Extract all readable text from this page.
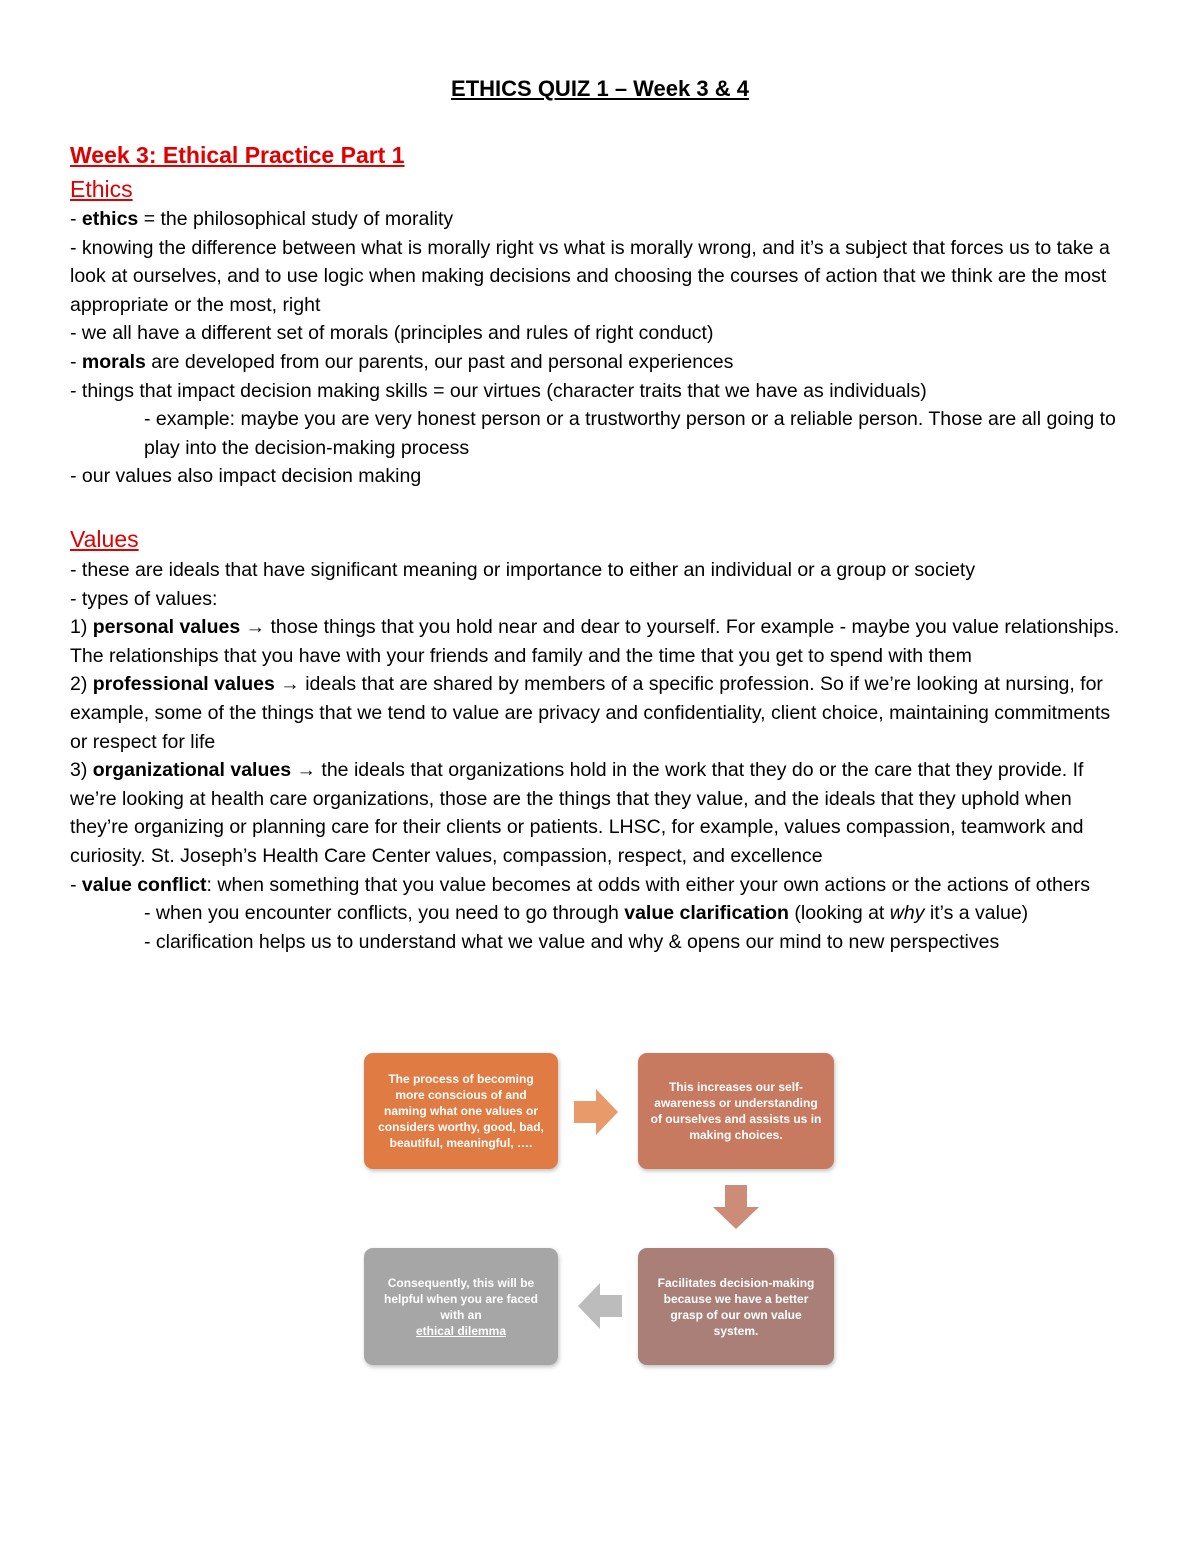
ETHICS QUIZ 1 – Week 3 & 4
Week 3: Ethical Practice Part 1
Ethics

- ethics = the philosophical study of morality

- knowing the difference between what is morally right vs what is morally wrong, and it’s a subject that forces us to take a look at ourselves, and to use logic when making decisions and choosing the courses of action that we think are the most appropriate or the most, right

- we all have a different set of morals (principles and rules of right conduct)

- morals are developed from our parents, our past and personal experiences

- things that impact decision making skills = our virtues (character traits that we have as individuals)

- example: maybe you are very honest person or a trustworthy person or a reliable person. Those are all going to play into the decision-making process

- our values also impact decision making

Values

- these are ideals that have significant meaning or importance to either an individual or a group or society

- types of values:

1) personal values → those things that you hold near and dear to yourself. For example - maybe you value relationships. The relationships that you have with your friends and family and the time that you get to spend with them

2) professional values → ideals that are shared by members of a specific profession. So if we’re looking at nursing, for example, some of the things that we tend to value are privacy and confidentiality, client choice, maintaining commitments or respect for life

3) organizational values → the ideals that organizations hold in the work that they do or the care that they provide. If we’re looking at health care organizations, those are the things that they value, and the ideals that they uphold when they’re organizing or planning care for their clients or patients. LHSC, for example, values compassion, teamwork and curiosity. St. Joseph’s Health Care Center values, compassion, respect, and excellence

- value conflict: when something that you value becomes at odds with either your own actions or the actions of others

- when you encounter conflicts, you need to go through value clarification (looking at why it’s a value)

- clarification helps us to understand what we value and why & opens our mind to new perspectives

The process of becoming more conscious of and naming what one values or considers worthy, good, bad, beautiful, meaningful, ….
This increases our self-awareness or understanding of ourselves and assists us in making choices.
Facilitates decision-making because we have a better grasp of our own value system.
Consequently, this will be helpful when you are faced with an
ethical dilemma
